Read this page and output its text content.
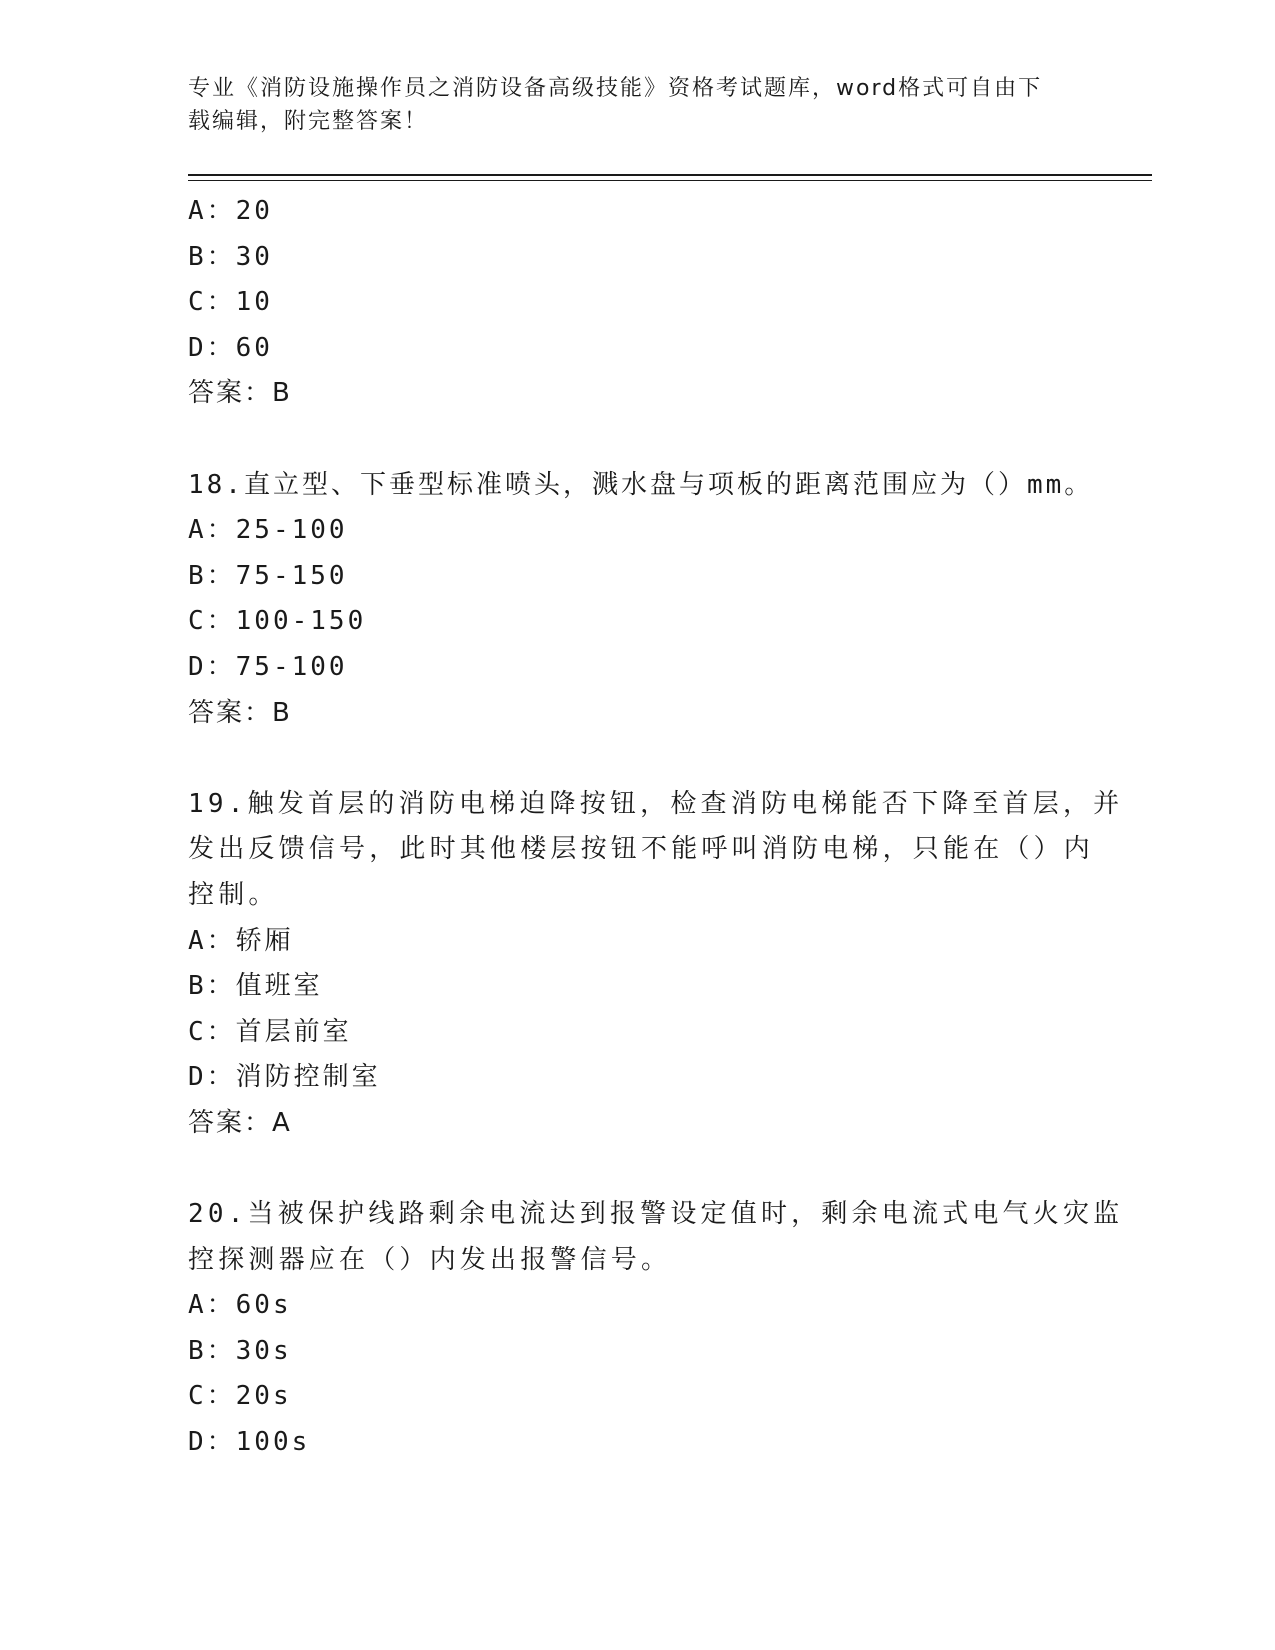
专业《消防设施操作员之消防设备高级技能》资格考试题库，word格式可自由下
载编辑，附完整答案！
A：20
B：30
C：10
D：60
答案：B
18.直立型、下垂型标准喷头，溅水盘与项板的距离范围应为（）mm。
A：25-100
B：75-150
C：100-150
D：75-100
答案：B
19.触发首层的消防电梯迫降按钮，检查消防电梯能否下降至首层，并
发出反馈信号，此时其他楼层按钮不能呼叫消防电梯，只能在（）内
控制。
A：轿厢
B：值班室
C：首层前室
D：消防控制室
答案：A
20.当被保护线路剩余电流达到报警设定值时，剩余电流式电气火灾监
控探测器应在（）内发出报警信号。
A：60s
B：30s
C：20s
D：100s
